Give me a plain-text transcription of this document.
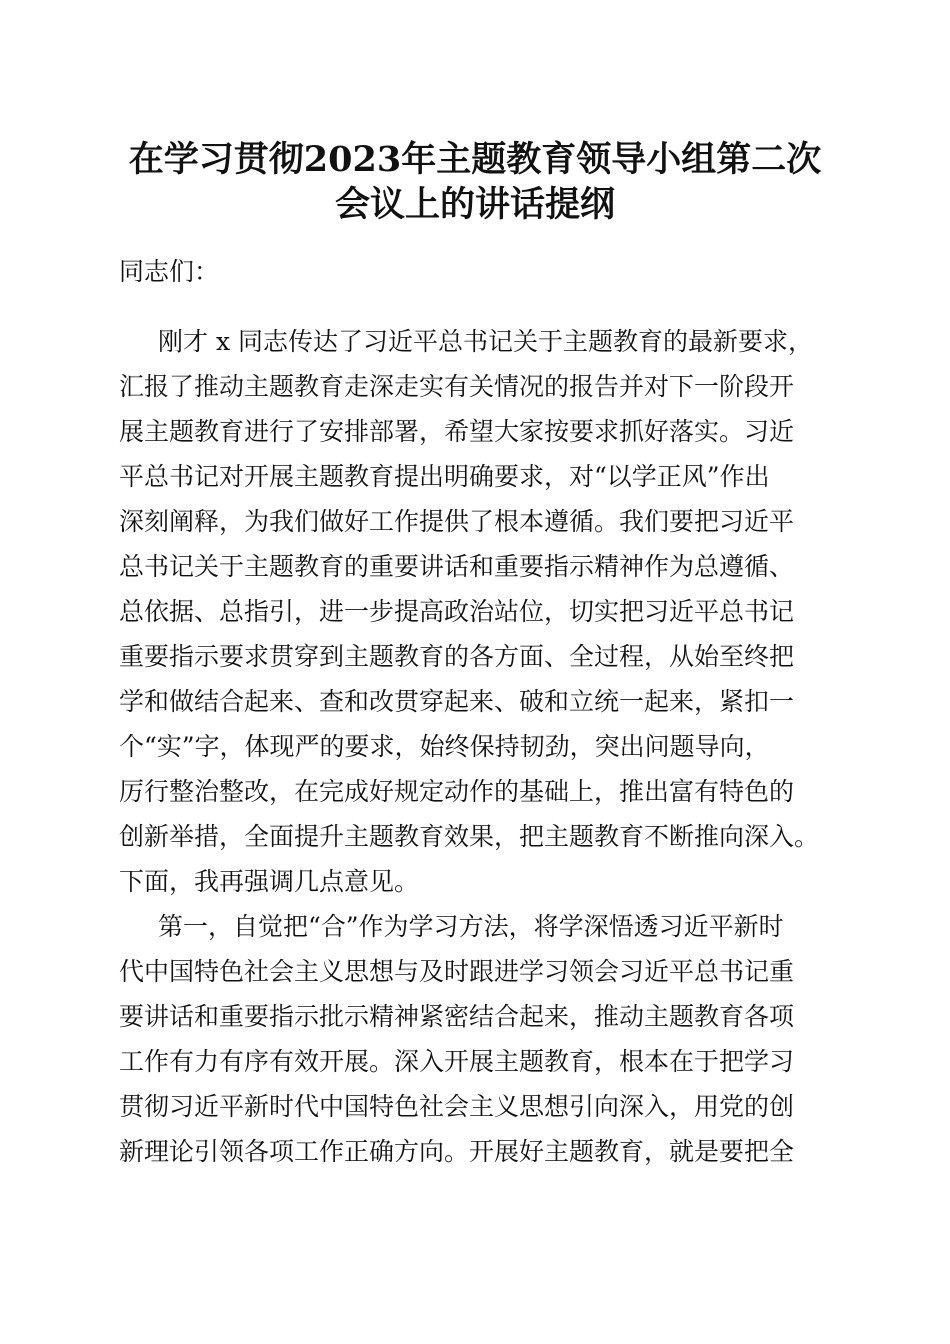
在学习贯彻2023年主题教育领导小组第二次
会议上的讲话提纲
同志们：
刚才 x 同志传达了习近平总书记关于主题教育的最新要求，
汇报了推动主题教育走深走实有关情况的报告并对下一阶段开
展主题教育进行了安排部署，希望大家按要求抓好落实。习近
平总书记对开展主题教育提出明确要求，对“以学正风”作出
深刻阐释，为我们做好工作提供了根本遵循。我们要把习近平
总书记关于主题教育的重要讲话和重要指示精神作为总遵循、
总依据、总指引，进一步提高政治站位，切实把习近平总书记
重要指示要求贯穿到主题教育的各方面、全过程，从始至终把
学和做结合起来、查和改贯穿起来、破和立统一起来，紧扣一
个“实”字，体现严的要求，始终保持韧劲，突出问题导向，
厉行整治整改，在完成好规定动作的基础上，推出富有特色的
创新举措，全面提升主题教育效果，把主题教育不断推向深入。
下面，我再强调几点意见。
第一，自觉把“合”作为学习方法，将学深悟透习近平新时
代中国特色社会主义思想与及时跟进学习领会习近平总书记重
要讲话和重要指示批示精神紧密结合起来，推动主题教育各项
工作有力有序有效开展。深入开展主题教育，根本在于把学习
贯彻习近平新时代中国特色社会主义思想引向深入，用党的创
新理论引领各项工作正确方向。开展好主题教育，就是要把全
